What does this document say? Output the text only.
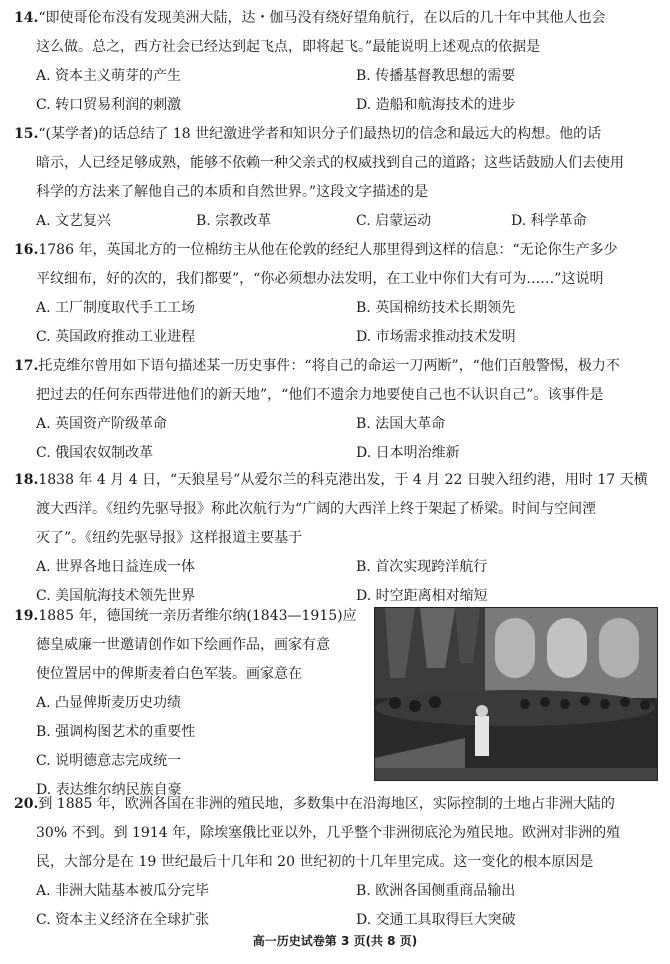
14.“即使哥伦布没有发现美洲大陆，达・伽马没有绕好望角航行，在以后的几十年中其他人也会
这么做。总之，西方社会已经达到起飞点，即将起飞。”最能说明上述观点的依据是
A. 资本主义萌芽的产生	B. 传播基督教思想的需要
C. 转口贸易利润的刺激	D. 造船和航海技术的进步
15.“(某学者)的话总结了 18 世纪激进学者和知识分子们最热切的信念和最远大的构想。他的话
暗示，人已经足够成熟，能够不依赖一种父亲式的权威找到自己的道路；这些话鼓励人们去使用
科学的方法来了解他自己的本质和自然世界。”这段文字描述的是
A. 文艺复兴	B. 宗教改革	C. 启蒙运动	D. 科学革命
16.1786 年，英国北方的一位棉纺主从他在伦敦的经纪人那里得到这样的信息：“无论你生产多少
平纹细布，好的次的，我们都要”，“你必须想办法发明，在工业中你们大有可为……”这说明
A. 工厂制度取代手工工场	B. 英国棉纺技术长期领先
C. 英国政府推动工业进程	D. 市场需求推动技术发明
17.托克维尔曾用如下语句描述某一历史事件：“将自己的命运一刀两断”，“他们百般警惕，极力不
把过去的任何东西带进他们的新天地”，“他们不遗余力地要使自己也不认识自己”。该事件是
A. 英国资产阶级革命	B. 法国大革命
C. 俄国农奴制改革	D. 日本明治维新
18.1838 年 4 月 4 日，“天狼星号”从爱尔兰的科克港出发，于 4 月 22 日驶入纽约港，用时 17 天横
渡大西洋。《纽约先驱导报》称此次航行为“广阔的大西洋上终于架起了桥梁。时间与空间湮
灭了”。《纽约先驱导报》这样报道主要基于
A. 世界各地日益连成一体	B. 首次实现跨洋航行
C. 美国航海技术领先世界	D. 时空距离相对缩短
19.1885 年，德国统一亲历者维尔纳(1843—1915)应
德皇威廉一世邀请创作如下绘画作品，画家有意
使位置居中的俾斯麦着白色军装。画家意在
A. 凸显俾斯麦历史功绩
B. 强调构图艺术的重要性
C. 说明德意志完成统一
D. 表达维尔纳民族自豪
20.到 1885 年，欧洲各国在非洲的殖民地，多数集中在沿海地区，实际控制的土地占非洲大陆的
30% 不到。到 1914 年，除埃塞俄比亚以外，几乎整个非洲彻底沦为殖民地。欧洲对非洲的殖
民，大部分是在 19 世纪最后十几年和 20 世纪初的十几年里完成。这一变化的根本原因是
A. 非洲大陆基本被瓜分完毕	B. 欧洲各国侧重商品输出
C. 资本主义经济在全球扩张	D. 交通工具取得巨大突破
高一历史试卷第 3 页(共 8 页)
